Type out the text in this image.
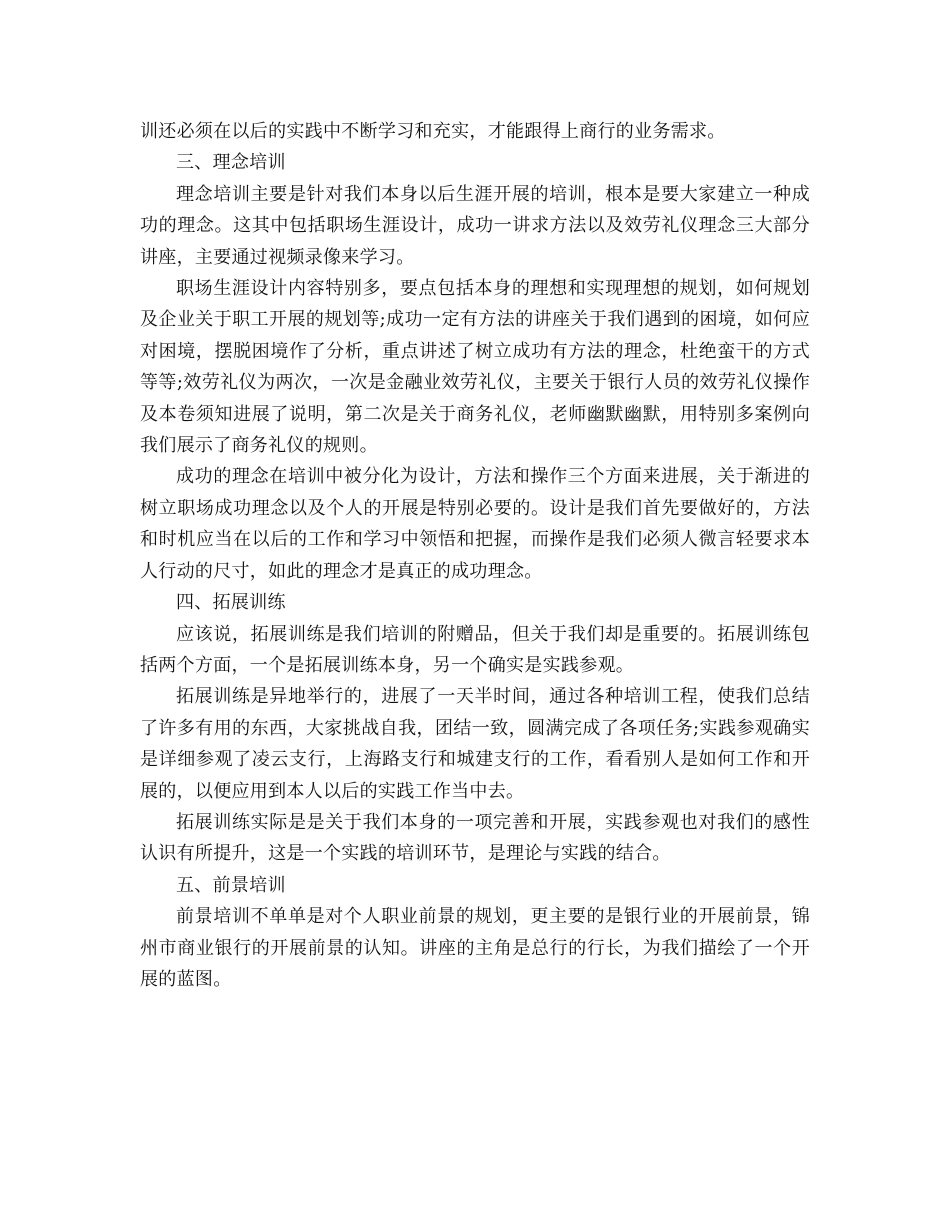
训还必须在以后的实践中不断学习和充实，才能跟得上商行的业务需求。

三、理念培训

理念培训主要是针对我们本身以后生涯开展的培训，根本是要大家建立一种成功的理念。这其中包括职场生涯设计，成功一讲求方法以及效劳礼仪理念三大部分讲座，主要通过视频录像来学习。

职场生涯设计内容特别多，要点包括本身的理想和实现理想的规划，如何规划及企业关于职工开展的规划等;成功一定有方法的讲座关于我们遇到的困境，如何应对困境，摆脱困境作了分析，重点讲述了树立成功有方法的理念，杜绝蛮干的方式等等;效劳礼仪为两次，一次是金融业效劳礼仪，主要关于银行人员的效劳礼仪操作及本卷须知进展了说明，第二次是关于商务礼仪，老师幽默幽默，用特别多案例向我们展示了商务礼仪的规则。

成功的理念在培训中被分化为设计，方法和操作三个方面来进展，关于渐进的树立职场成功理念以及个人的开展是特别必要的。设计是我们首先要做好的，方法和时机应当在以后的工作和学习中领悟和把握，而操作是我们必须人微言轻要求本人行动的尺寸，如此的理念才是真正的成功理念。

四、拓展训练

应该说，拓展训练是我们培训的附赠品，但关于我们却是重要的。拓展训练包括两个方面，一个是拓展训练本身，另一个确实是实践参观。

拓展训练是异地举行的，进展了一天半时间，通过各种培训工程，使我们总结了许多有用的东西，大家挑战自我，团结一致，圆满完成了各项任务;实践参观确实是详细参观了凌云支行，上海路支行和城建支行的工作，看看别人是如何工作和开展的，以便应用到本人以后的实践工作当中去。

拓展训练实际是是关于我们本身的一项完善和开展，实践参观也对我们的感性认识有所提升，这是一个实践的培训环节，是理论与实践的结合。

五、前景培训

前景培训不单单是对个人职业前景的规划，更主要的是银行业的开展前景，锦州市商业银行的开展前景的认知。讲座的主角是总行的行长，为我们描绘了一个开展的蓝图。
